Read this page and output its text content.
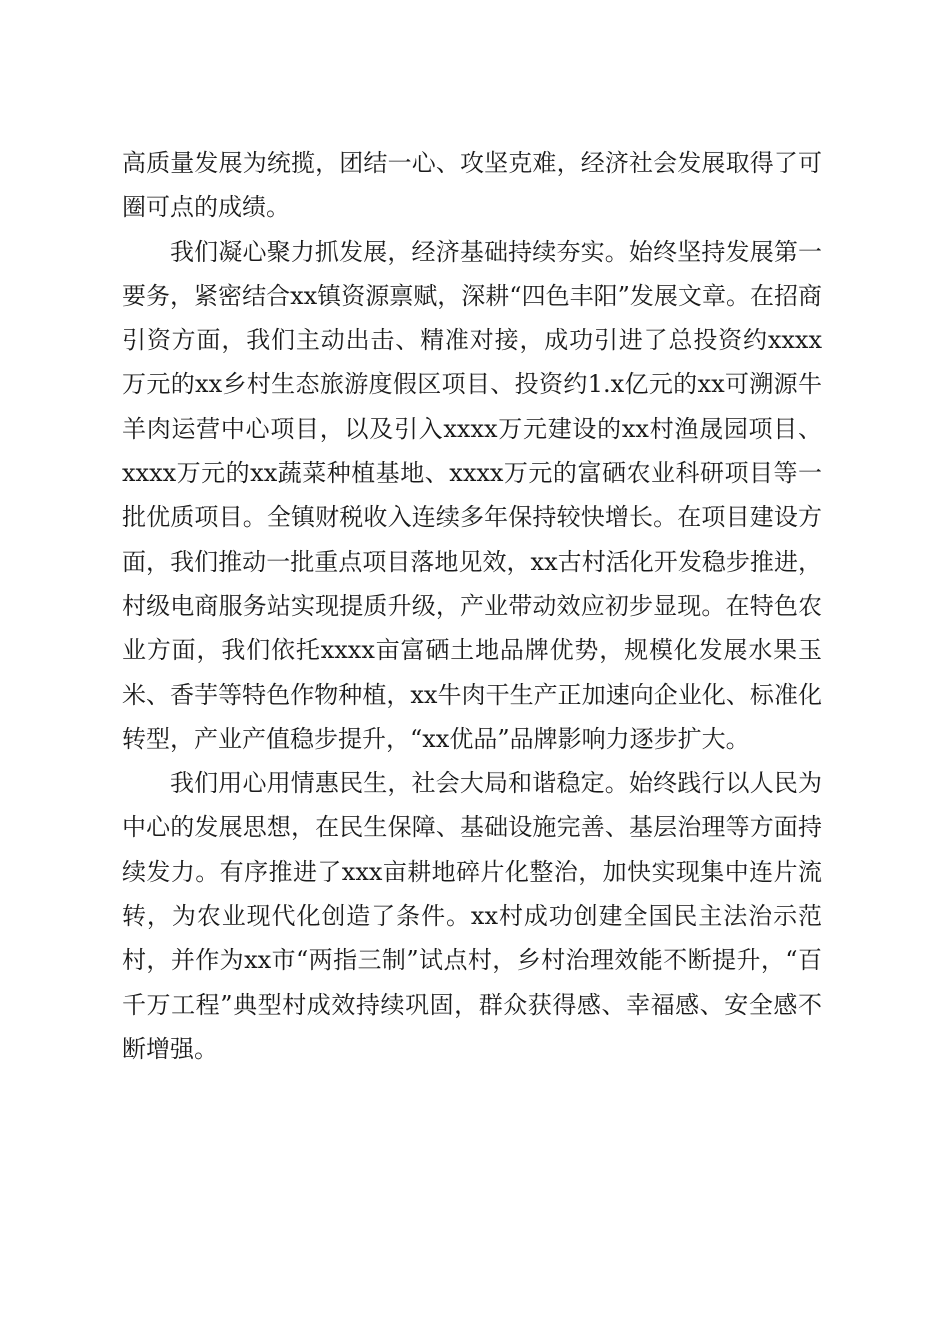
高质量发展为统揽，团结一心、攻坚克难，经济社会发展取得了可圈可点的成绩。

我们凝心聚力抓发展，经济基础持续夯实。始终坚持发展第一要务，紧密结合xx镇资源禀赋，深耕“四色丰阳”发展文章。在招商引资方面，我们主动出击、精准对接，成功引进了总投资约xxxx万元的xx乡村生态旅游度假区项目、投资约1.x亿元的xx可溯源牛羊肉运营中心项目，以及引入xxxx万元建设的xx村渔晟园项目、xxxx万元的xx蔬菜种植基地、xxxx万元的富硒农业科研项目等一批优质项目。全镇财税收入连续多年保持较快增长。在项目建设方面，我们推动一批重点项目落地见效，xx古村活化开发稳步推进，村级电商服务站实现提质升级，产业带动效应初步显现。在特色农业方面，我们依托xxxx亩富硒土地品牌优势，规模化发展水果玉米、香芋等特色作物种植，xx牛肉干生产正加速向企业化、标准化转型，产业产值稳步提升，“xx优品”品牌影响力逐步扩大。

我们用心用情惠民生，社会大局和谐稳定。始终践行以人民为中心的发展思想，在民生保障、基础设施完善、基层治理等方面持续发力。有序推进了xxx亩耕地碎片化整治，加快实现集中连片流转，为农业现代化创造了条件。xx村成功创建全国民主法治示范村，并作为xx市“两指三制”试点村，乡村治理效能不断提升，“百千万工程”典型村成效持续巩固，群众获得感、幸福感、安全感不断增强。
